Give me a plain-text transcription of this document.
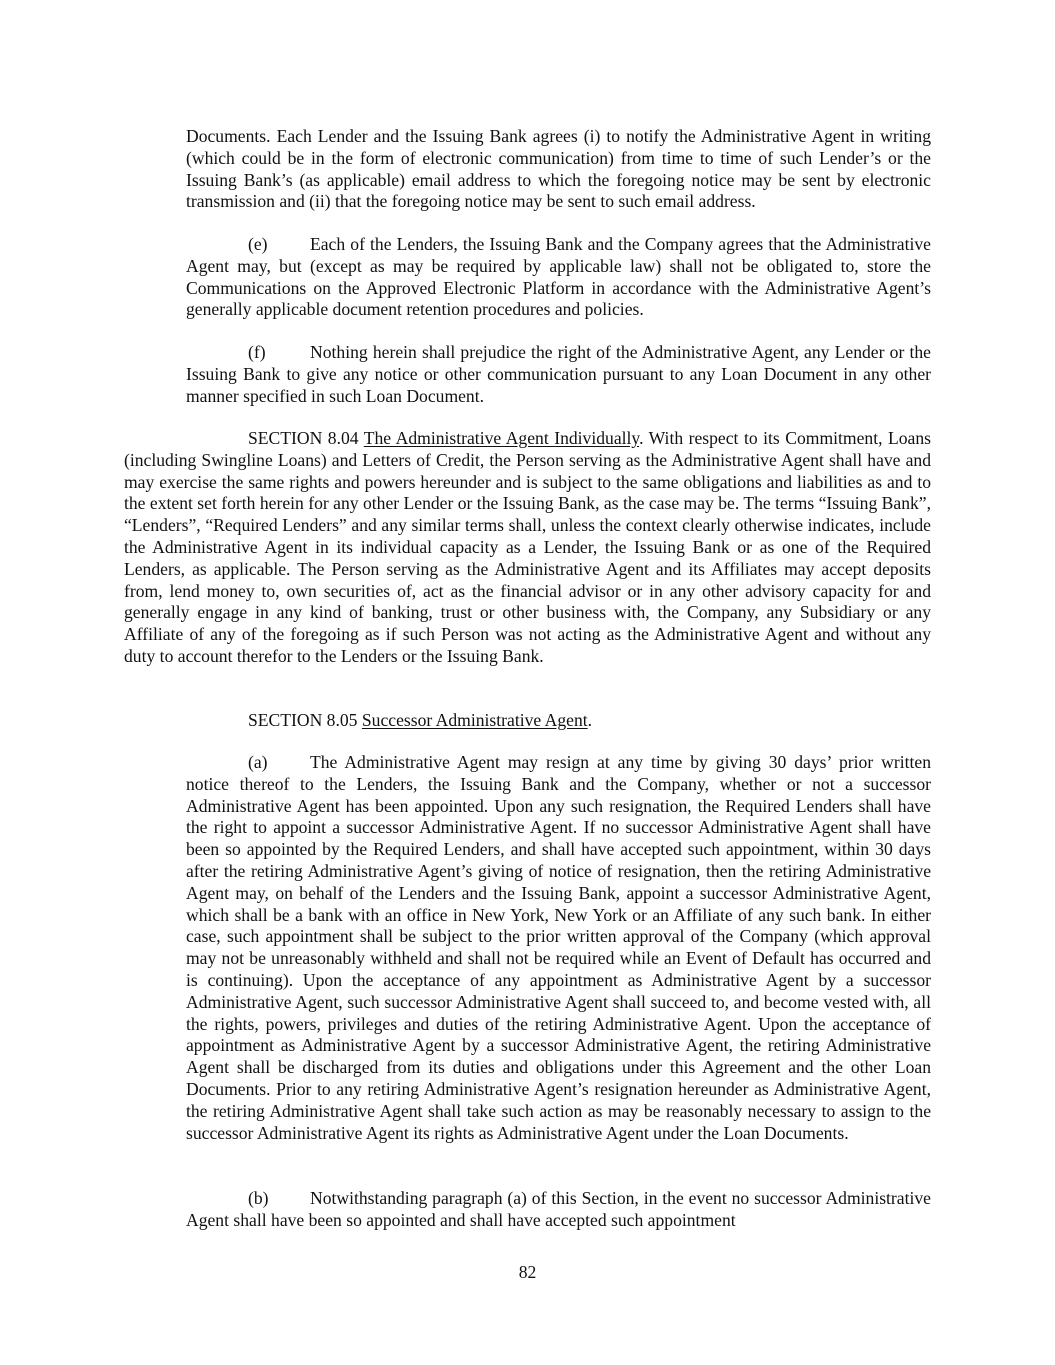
Documents. Each Lender and the Issuing Bank agrees (i) to notify the Administrative Agent in writing (which could be in the form of electronic communication) from time to time of such Lender’s or the Issuing Bank’s (as applicable) email address to which the foregoing notice may be sent by electronic transmission and (ii) that the foregoing notice may be sent to such email address.

(e) Each of the Lenders, the Issuing Bank and the Company agrees that the Administrative Agent may, but (except as may be required by applicable law) shall not be obligated to, store the Communications on the Approved Electronic Platform in accordance with the Administrative Agent’s generally applicable document retention procedures and policies.

(f)	Nothing herein shall prejudice the right of the Administrative Agent, any Lender or the Issuing Bank to give any notice or other communication pursuant to any Loan Document in any other manner specified in such Loan Document.

SECTION 8.04 The Administrative Agent Individually. With respect to its Commitment, Loans (including Swingline Loans) and Letters of Credit, the Person serving as the Administrative Agent shall have and may exercise the same rights and powers hereunder and is subject to the same obligations and liabilities as and to the extent set forth herein for any other Lender or the Issuing Bank, as the case may be. The terms “Issuing Bank”, “Lenders”, “Required Lenders” and any similar terms shall, unless the context clearly otherwise indicates, include the Administrative Agent in its individual capacity as a Lender, the Issuing Bank or as one of the Required Lenders, as applicable. The Person serving as the Administrative Agent and its Affiliates may accept deposits from, lend money to, own securities of, act as the financial advisor or in any other advisory capacity for and generally engage in any kind of banking, trust or other business with, the Company, any Subsidiary or any Affiliate of any of the foregoing as if such Person was not acting as the Administrative Agent and without any duty to account therefor to the Lenders or the Issuing Bank.

SECTION 8.05 Successor Administrative Agent.

(a) The Administrative Agent may resign at any time by giving 30 days’ prior written notice thereof to the Lenders, the Issuing Bank and the Company, whether or not a successor Administrative Agent has been appointed. Upon any such resignation, the Required Lenders shall have the right to appoint a successor Administrative Agent. If no successor Administrative Agent shall have been so appointed by the Required Lenders, and shall have accepted such appointment, within 30 days after the retiring Administrative Agent’s giving of notice of resignation, then the retiring Administrative Agent may, on behalf of the Lenders and the Issuing Bank, appoint a successor Administrative Agent, which shall be a bank with an office in New York, New York or an Affiliate of any such bank. In either case, such appointment shall be subject to the prior written approval of the Company (which approval may not be unreasonably withheld and shall not be required while an Event of Default has occurred and is continuing). Upon the acceptance of any appointment as Administrative Agent by a successor Administrative Agent, such successor Administrative Agent shall succeed to, and become vested with, all the rights, powers, privileges and duties of the retiring Administrative Agent. Upon the acceptance of appointment as Administrative Agent by a successor Administrative Agent, the retiring Administrative Agent shall be discharged from its duties and obligations under this Agreement and the other Loan Documents. Prior to any retiring Administrative Agent’s resignation hereunder as Administrative Agent, the retiring Administrative Agent shall take such action as may be reasonably necessary to assign to the successor Administrative Agent its rights as Administrative Agent under the Loan Documents.

(b) Notwithstanding paragraph (a) of this Section, in the event no successor Administrative Agent shall have been so appointed and shall have accepted such appointment

82
